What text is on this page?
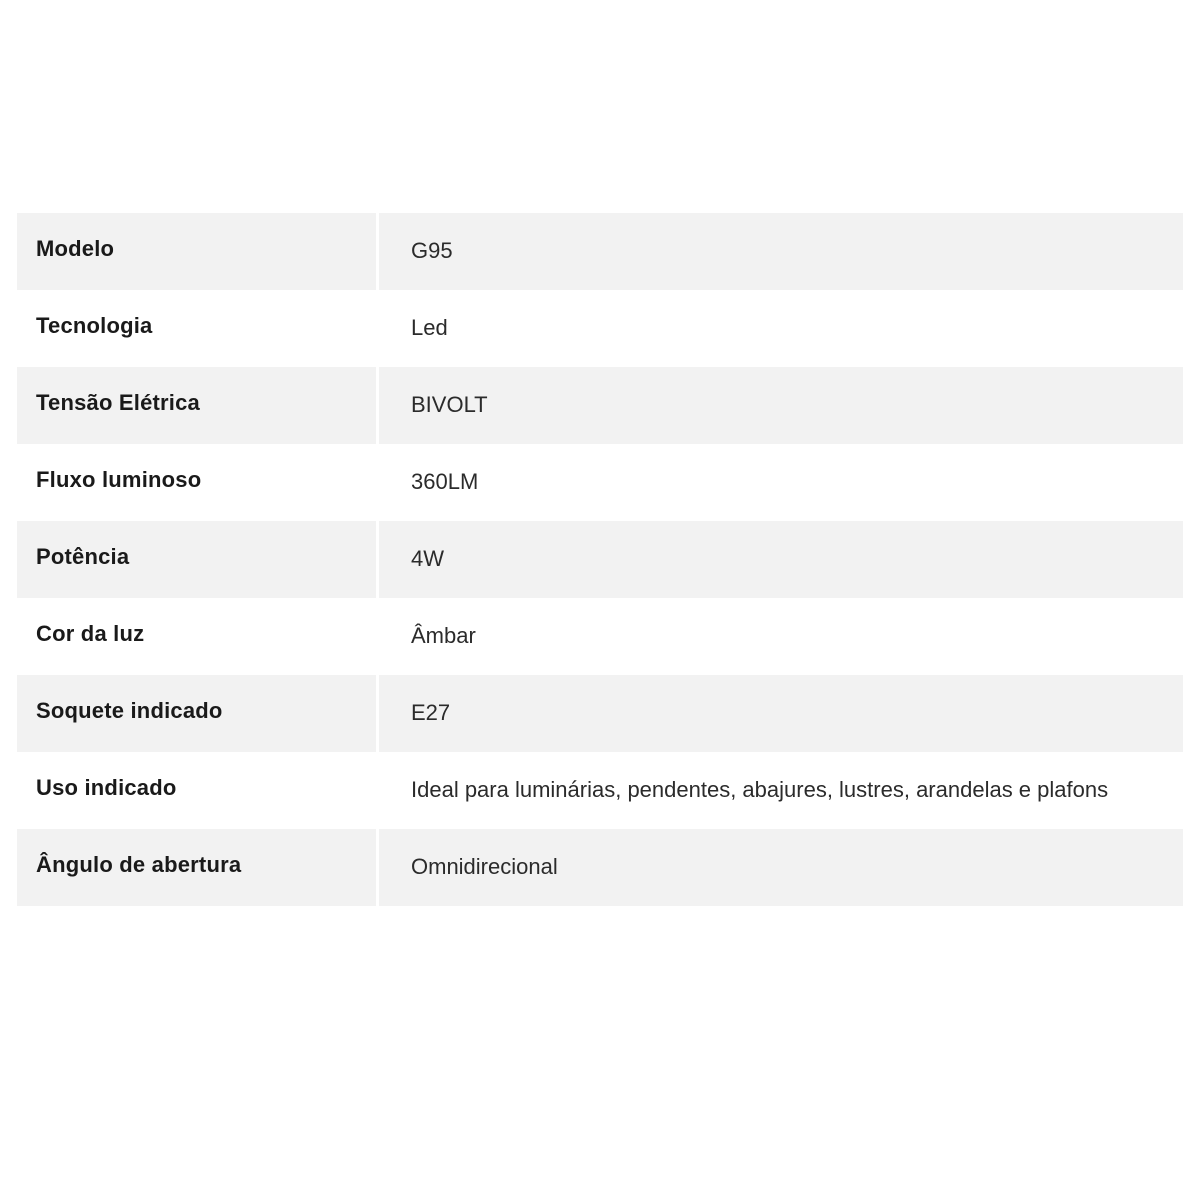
Modelo	G95
Tecnologia	Led
Tensão Elétrica	BIVOLT
Fluxo luminoso	360LM
Potência	4W
Cor da luz	Âmbar
Soquete indicado	E27
Uso indicado	Ideal para luminárias, pendentes, abajures, lustres, arandelas e plafons
Ângulo de abertura	Omnidirecional
